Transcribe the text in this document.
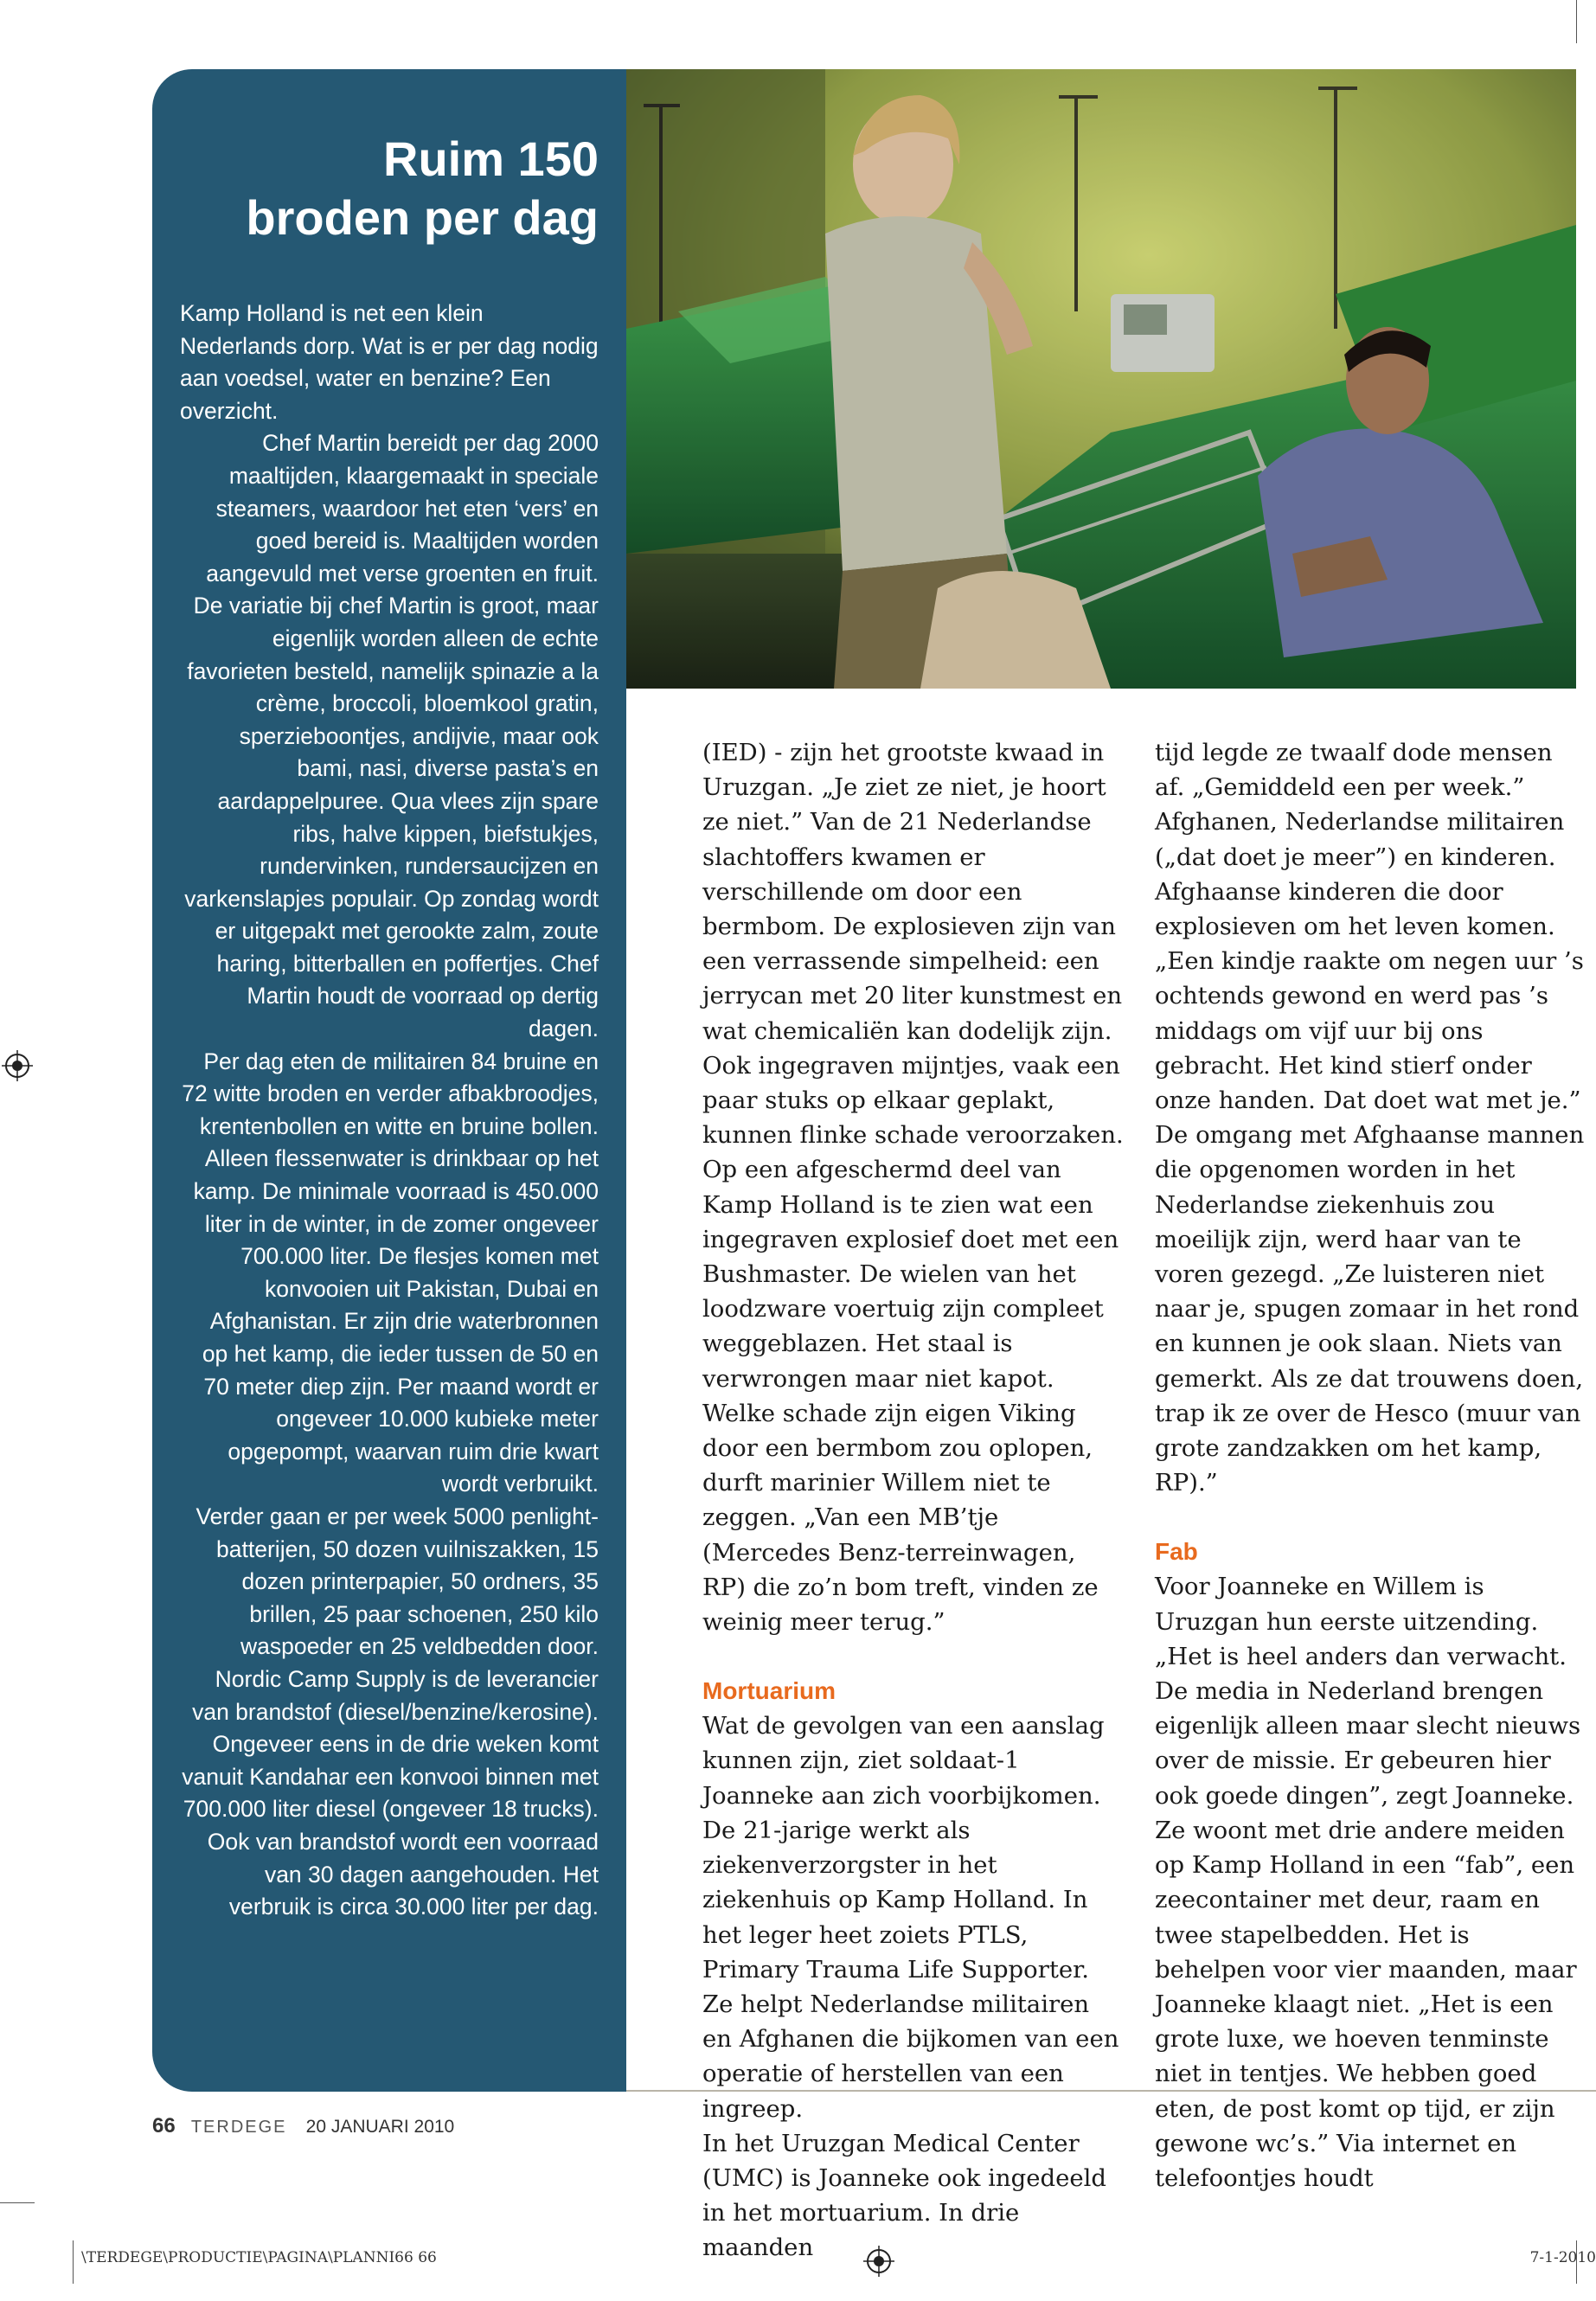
Ruim 150
broden per dag

Kamp Holland is net een klein Nederlands dorp. Wat is er per dag nodig aan voedsel, water en benzine? Een overzicht.

Chef Martin bereidt per dag 2000 maaltijden, klaargemaakt in speciale steamers, waardoor het eten ‘vers’ en goed bereid is. Maaltijden worden aangevuld met verse groenten en fruit. De variatie bij chef Martin is groot, maar eigenlijk worden alleen de echte favorieten besteld, namelijk spinazie a la crème, broccoli, bloemkool gratin, sperzieboontjes, andijvie, maar ook bami, nasi, diverse pasta’s en aardappelpuree. Qua vlees zijn spare ribs, halve kippen, biefstukjes, rundervinken, rundersaucijzen en varkenslapjes populair. Op zondag wordt er uitgepakt met gerookte zalm, zoute haring, bitterballen en poffertjes. Chef Martin houdt de voorraad op dertig dagen.

Per dag eten de militairen 84 bruine en 72 witte broden en verder afbakbroodjes, krentenbollen en witte en bruine bollen.

Alleen flessenwater is drinkbaar op het kamp. De minimale voorraad is 450.000 liter in de winter, in de zomer ongeveer 700.000 liter. De flesjes komen met konvooien uit Pakistan, Dubai en Afghanistan. Er zijn drie waterbronnen op het kamp, die ieder tussen de 50 en 70 meter diep zijn. Per maand wordt er ongeveer 10.000 kubieke meter opgepompt, waarvan ruim drie kwart wordt verbruikt.

Verder gaan er per week 5000 penlight-batterijen, 50 dozen vuilniszakken, 15 dozen printerpapier, 50 ordners, 35 brillen, 25 paar schoenen, 250 kilo waspoeder en 25 veldbedden door.

Nordic Camp Supply is de leverancier van brandstof (diesel/benzine/kerosine). Ongeveer eens in de drie weken komt vanuit Kandahar een konvooi binnen met 700.000 liter diesel (ongeveer 18 trucks). Ook van brandstof wordt een voorraad van 30 dagen aangehouden. Het verbruik is circa 30.000 liter per dag.

(IED) - zijn het grootste kwaad in Uruzgan. „Je ziet ze niet, je hoort ze niet.” Van de 21 Nederlandse slachtoffers kwamen er verschillende om door een bermbom. De explosieven zijn van een verrassende simpelheid: een jerrycan met 20 liter kunstmest en wat chemicaliën kan dodelijk zijn. Ook ingegraven mijntjes, vaak een paar stuks op elkaar geplakt, kunnen flinke schade veroorzaken.

Op een afgeschermd deel van Kamp Holland is te zien wat een ingegraven explosief doet met een Bushmaster. De wielen van het loodzware voertuig zijn compleet weggeblazen. Het staal is verwrongen maar niet kapot. Welke schade zijn eigen Viking door een bermbom zou oplopen, durft marinier Willem niet te zeggen. „Van een MB’tje (Mercedes Benz-terreinwagen, RP) die zo’n bom treft, vinden ze weinig meer terug.”

Mortuarium

Wat de gevolgen van een aanslag kunnen zijn, ziet soldaat-1 Joanneke aan zich voorbijkomen. De 21-jarige werkt als ziekenverzorgster in het ziekenhuis op Kamp Holland. In het leger heet zoiets PTLS, Primary Trauma Life Supporter. Ze helpt Nederlandse militairen en Afghanen die bijkomen van een operatie of herstellen van een ingreep.

In het Uruzgan Medical Center (UMC) is Joanneke ook ingedeeld in het mortuarium. In drie maanden

tijd legde ze twaalf dode mensen af. „Gemiddeld een per week.” Afghanen, Nederlandse militairen („dat doet je meer”) en kinderen. Afghaanse kinderen die door explosieven om het leven komen. „Een kindje raakte om negen uur ’s ochtends gewond en werd pas ’s middags om vijf uur bij ons gebracht. Het kind stierf onder onze handen. Dat doet wat met je.”

De omgang met Afghaanse mannen die opgenomen worden in het Nederlandse ziekenhuis zou moeilijk zijn, werd haar van te voren gezegd. „Ze luisteren niet naar je, spugen zomaar in het rond en kunnen je ook slaan. Niets van gemerkt. Als ze dat trouwens doen, trap ik ze over de Hesco (muur van grote zandzakken om het kamp, RP).”

Fab

Voor Joanneke en Willem is Uruzgan hun eerste uitzending. „Het is heel anders dan verwacht. De media in Nederland brengen eigenlijk alleen maar slecht nieuws over de missie. Er gebeuren hier ook goede dingen”, zegt Joanneke. Ze woont met drie andere meiden op Kamp Holland in een “fab”, een zeecontainer met deur, raam en twee stapelbedden. Het is behelpen voor vier maanden, maar Joanneke klaagt niet. „Het is een grote luxe, we hoeven tenminste niet in tentjes. We hebben goed eten, de post komt op tijd, er zijn gewone wc’s.” Via internet en telefoontjes houdt

66 TERDEGE 20 JANUARI 2010
\TERDEGE\PRODUCTIE\PAGINA\PLANNI66 66	7-1-2010
